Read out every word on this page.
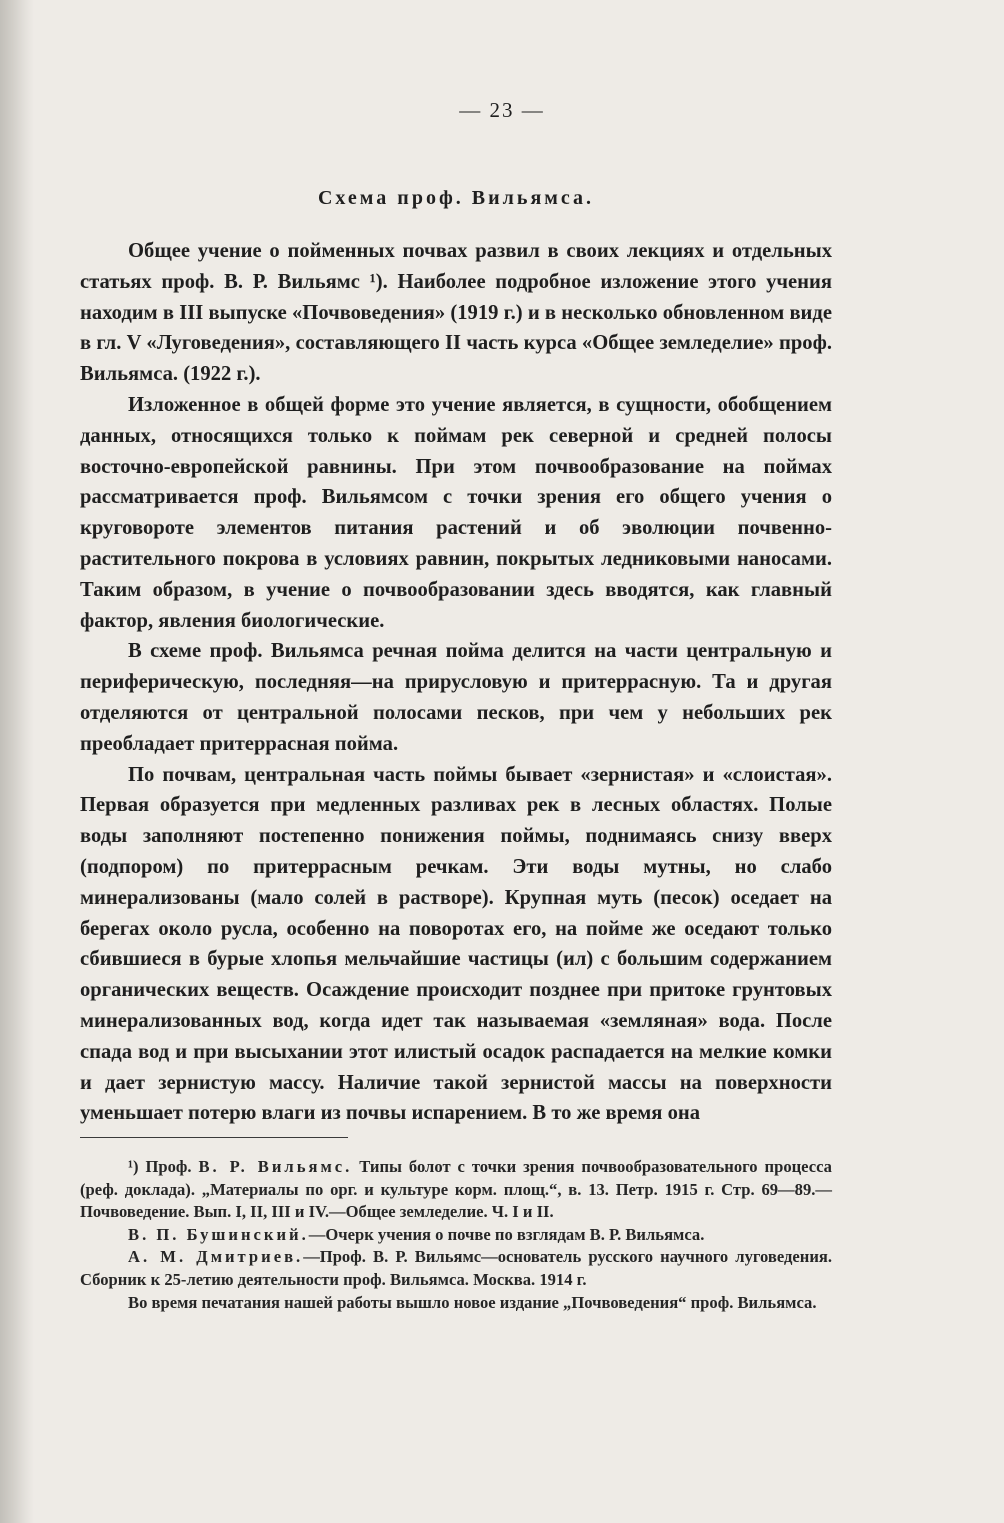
— 23 —
Схема проф. Вильямса.

Общее учение о пойменных почвах развил в своих лекциях и отдельных статьях проф. В. Р. Вильямс ¹). Наиболее подробное изложение этого учения находим в III выпуске «Почвоведения» (1919 г.) и в несколько обновленном виде в гл. V «Луговедения», составляющего II часть курса «Общее земледелие» проф. Вильямса. (1922 г.).

Изложенное в общей форме это учение является, в сущности, обобщением данных, относящихся только к поймам рек северной и средней полосы восточно-европейской равнины. При этом почвообразование на поймах рассматривается проф. Вильямсом с точки зрения его общего учения о круговороте элементов питания растений и об эволюции почвенно-растительного покрова в условиях равнин, покрытых ледниковыми наносами. Таким образом, в учение о почвообразовании здесь вводятся, как главный фактор, явления биологические.

В схеме проф. Вильямса речная пойма делится на части центральную и периферическую, последняя—на прирусловую и притеррасную. Та и другая отделяются от центральной полосами песков, при чем у небольших рек преобладает притеррасная пойма.

По почвам, центральная часть поймы бывает «зернистая» и «слоистая». Первая образуется при медленных разливах рек в лесных областях. Полые воды заполняют постепенно понижения поймы, поднимаясь снизу вверх (подпором) по притеррасным речкам. Эти воды мутны, но слабо минерализованы (мало солей в растворе). Крупная муть (песок) оседает на берегах около русла, особенно на поворотах его, на пойме же оседают только сбившиеся в бурые хлопья мельчайшие частицы (ил) с большим содержанием органических веществ. Осаждение происходит позднее при притоке грунтовых минерализованных вод, когда идет так называемая «земляная» вода. После спада вод и при высыхании этот илистый осадок распадается на мелкие комки и дает зернистую массу. Наличие такой зернистой массы на поверхности уменьшает потерю влаги из почвы испарением. В то же время она

¹) Проф. В. Р. Вильямс. Типы болот с точки зрения почвообразовательного процесса (реф. доклада). „Материалы по орг. и культуре корм. площ.“, в. 13. Петр. 1915 г. Стр. 69—89.—Почвоведение. Вып. I, II, III и IV.—Общее земледелие. Ч. I и II.

В. П. Бушинский.—Очерк учения о почве по взглядам В. Р. Вильямса.

А. М. Дмитриев.—Проф. В. Р. Вильямс—основатель русского научного луговедения. Сборник к 25-летию деятельности проф. Вильямса. Москва. 1914 г.

Во время печатания нашей работы вышло новое издание „Почвоведения“ проф. Вильямса.
